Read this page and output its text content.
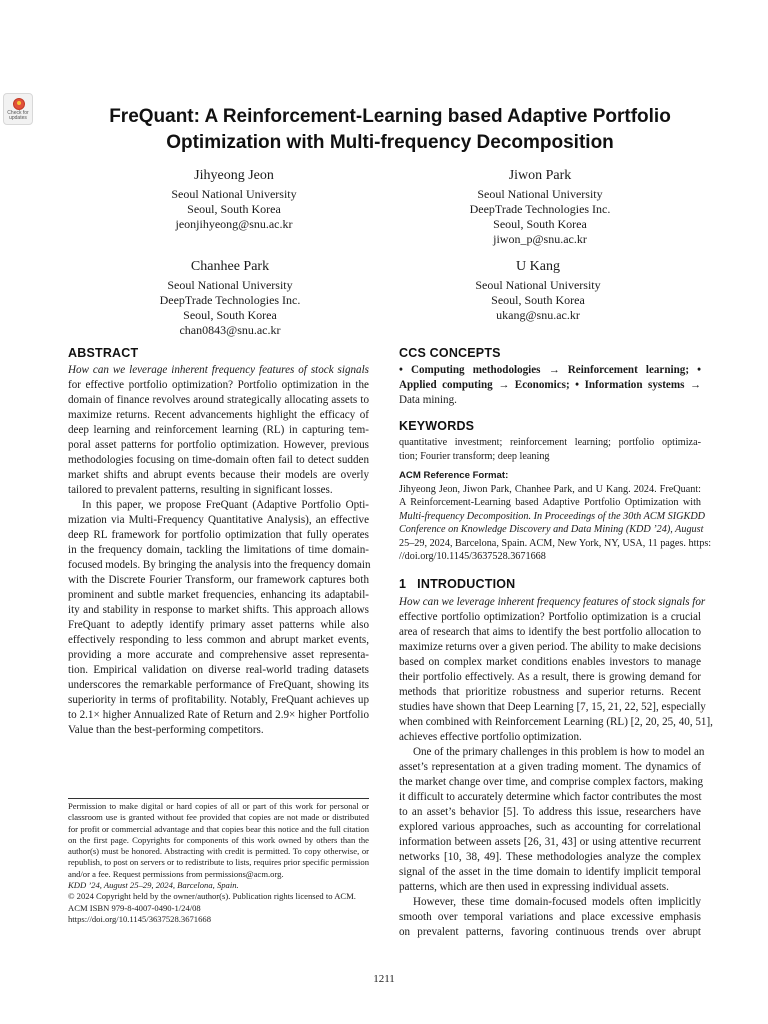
Check for updates	FreQuant: A Reinforcement-Learning based Adaptive Portfolio
Optimization with Multi-frequency Decomposition
Jihyeong Jeon
Seoul National University
Seoul, South Korea
jeonjihyeong@snu.ac.kr
Jiwon Park
Seoul National University
DeepTrade Technologies Inc.
Seoul, South Korea
jiwon_p@snu.ac.kr
Chanhee Park
Seoul National University
DeepTrade Technologies Inc.
Seoul, South Korea
chan0843@snu.ac.kr
U Kang
Seoul National University
Seoul, South Korea
ukang@snu.ac.kr
ABSTRACT
How can we leverage inherent frequency features of stock signals
for effective portfolio optimization? Portfolio optimization in the
domain of finance revolves around strategically allocating assets to
maximize returns. Recent advancements highlight the efficacy of
deep learning and reinforcement learning (RL) in capturing tem-
poral asset patterns for portfolio optimization. However, previous
methodologies focusing on time-domain often fail to detect sudden
market shifts and abrupt events because their models are overly
tailored to prevalent patterns, resulting in significant losses.
In this paper, we propose FreQuant (Adaptive Portfolio Opti-
mization via Multi-Frequency Quantitative Analysis), an effective
deep RL framework for portfolio optimization that fully operates
in the frequency domain, tackling the limitations of time domain-
focused models. By bringing the analysis into the frequency domain
with the Discrete Fourier Transform, our framework captures both
prominent and subtle market frequencies, enhancing its adaptabil-
ity and stability in response to market shifts. This approach allows
FreQuant to adeptly identify primary asset patterns while also
effectively responding to less common and abrupt market events,
providing a more accurate and comprehensive asset representa-
tion. Empirical validation on diverse real-world trading datasets
underscores the remarkable performance of FreQuant, showing its
superiority in terms of profitability. Notably, FreQuant achieves up
to 2.1× higher Annualized Rate of Return and 2.9× higher Portfolio
Value than the best-performing competitors.
Permission to make digital or hard copies of all or part of this work for personal or
classroom use is granted without fee provided that copies are not made or distributed
for profit or commercial advantage and that copies bear this notice and the full citation
on the first page. Copyrights for components of this work owned by others than the
author(s) must be honored. Abstracting with credit is permitted. To copy otherwise, or
republish, to post on servers or to redistribute to lists, requires prior specific permission
and/or a fee. Request permissions from permissions@acm.org.
KDD ’24, August 25–29, 2024, Barcelona, Spain.
© 2024 Copyright held by the owner/author(s). Publication rights licensed to ACM.
ACM ISBN 979-8-4007-0490-1/24/08
https://doi.org/10.1145/3637528.3671668
CCS CONCEPTS
• Computing methodologies → Reinforcement learning; •
Applied computing → Economics; • Information systems →
Data mining.
KEYWORDS
quantitative investment; reinforcement learning; portfolio optimiza-
tion; Fourier transform; deep leaning
ACM Reference Format:
Jihyeong Jeon, Jiwon Park, Chanhee Park, and U Kang. 2024. FreQuant:
A Reinforcement-Learning based Adaptive Portfolio Optimization with
Multi-frequency Decomposition. In Proceedings of the 30th ACM SIGKDD
Conference on Knowledge Discovery and Data Mining (KDD ’24), August
25–29, 2024, Barcelona, Spain. ACM, New York, NY, USA, 11 pages. https:
//doi.org/10.1145/3637528.3671668
1   INTRODUCTION
How can we leverage inherent frequency features of stock signals for
effective portfolio optimization? Portfolio optimization is a crucial
area of research that aims to identify the best portfolio allocation to
maximize returns over a given period. The ability to make decisions
based on complex market conditions enables investors to manage
their portfolio effectively. As a result, there is growing demand for
methods that prioritize robustness and superior returns. Recent
studies have shown that Deep Learning [7, 15, 21, 22, 52], especially
when combined with Reinforcement Learning (RL) [2, 20, 25, 40, 51],
achieves effective portfolio optimization.
One of the primary challenges in this problem is how to model an
asset’s representation at a given trading moment. The dynamics of
the market change over time, and comprise complex factors, making
it difficult to accurately determine which factor contributes the most
to an asset’s behavior [5]. To address this issue, researchers have
explored various approaches, such as accounting for correlational
information between assets [26, 31, 43] or using attentive recurrent
networks [10, 38, 49]. These methodologies analyze the complex
signal of the asset in the time domain to identify implicit temporal
patterns, which are then used in expressing individual assets.
However, these time domain-focused models often implicitly
smooth over temporal variations and place excessive emphasis
on prevalent patterns, favoring continuous trends over abrupt
1211
